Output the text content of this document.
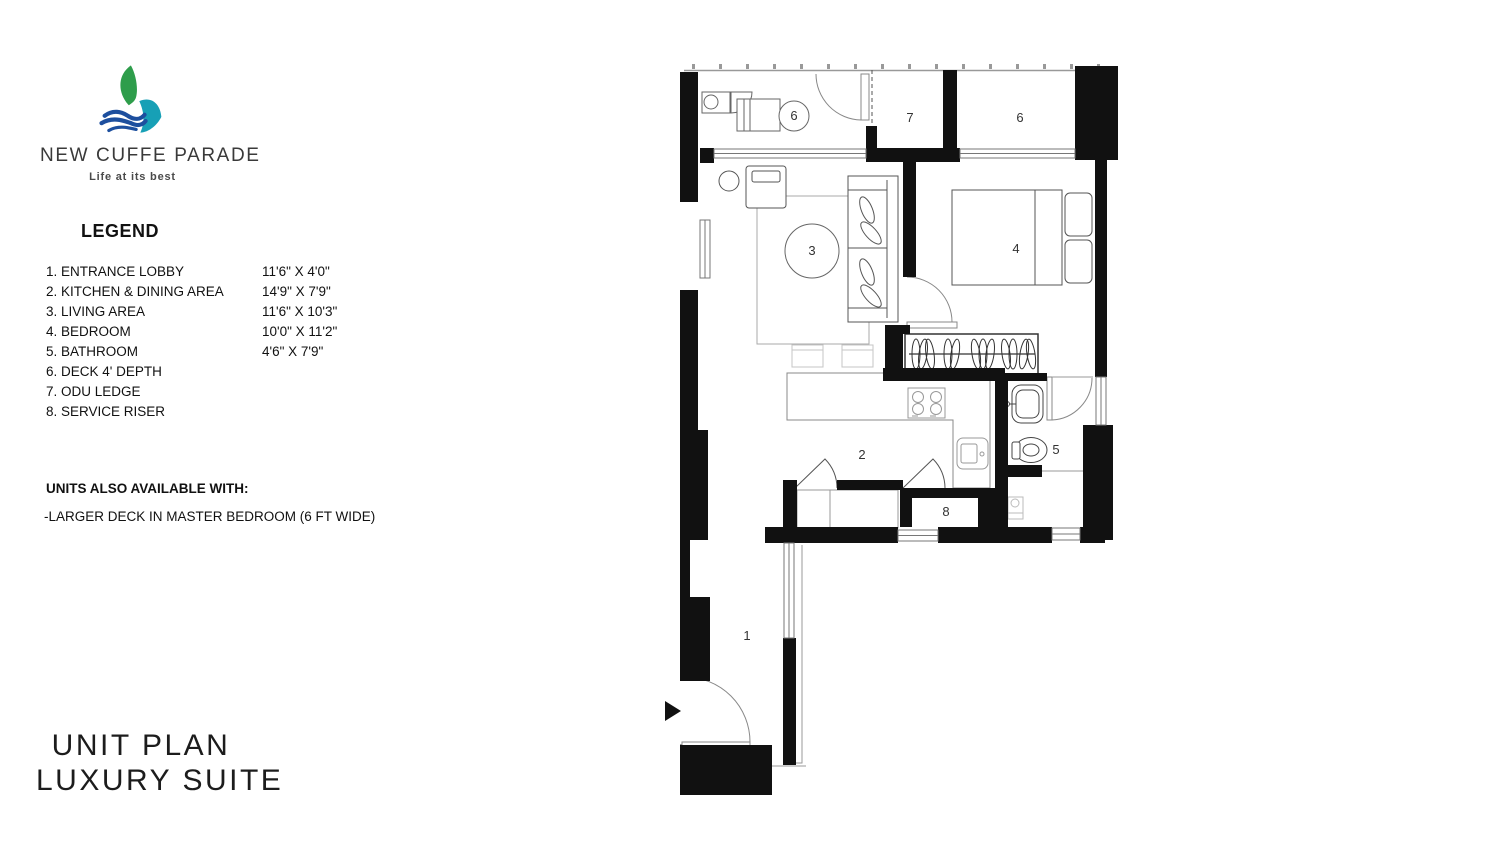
NEW CUFFE PARADE
Life at its best
LEGEND
1. ENTRANCE LOBBY	11'6" X 4'0"
2. KITCHEN & DINING AREA	14'9" X 7'9"
3. LIVING AREA	11'6" X 10'3"
4. BEDROOM	10'0" X 11'2"
5. BATHROOM	4'6" X 7'9"
6. DECK 4' DEPTH
7. ODU LEDGE
8. SERVICE RISER
UNITS ALSO AVAILABLE WITH:
-LARGER DECK IN MASTER BEDROOM (6 FT WIDE)
UNIT PLAN
LUXURY SUITE
1
2
3	4
5
6	6
7
8
